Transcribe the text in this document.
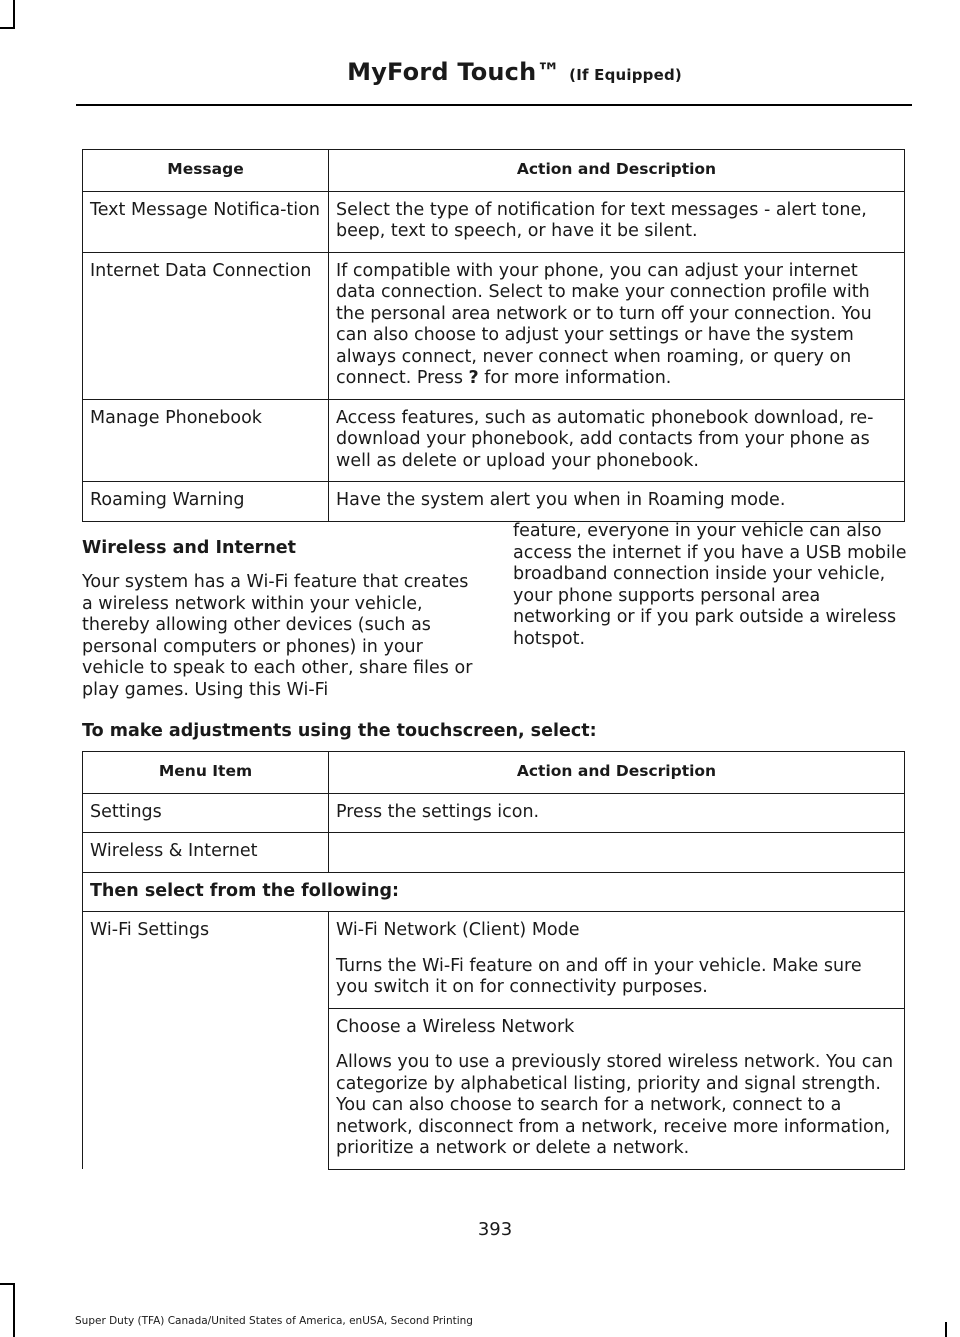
MyFord Touch™ (If Equipped)
Message	Action and Description
Text Message Notifica-tion	Select the type of notification for text messages - alert tone, beep, text to speech, or have it be silent.
Internet Data Connection	If compatible with your phone, you can adjust your internet data connection. Select to make your connection profile with the personal area network or to turn off your connection. You can also choose to adjust your settings or have the system always connect, never connect when roaming, or query on connect. Press ? for more information.
Manage Phonebook	Access features, such as automatic phonebook download, re-download your phonebook, add contacts from your phone as well as delete or upload your phonebook.
Roaming Warning	Have the system alert you when in Roaming mode.
Wireless and Internet

Your system has a Wi-Fi feature that creates a wireless network within your vehicle, thereby allowing other devices (such as personal computers or phones) in your vehicle to speak to each other, share files or play games. Using this Wi-Fi

feature, everyone in your vehicle can also access the internet if you have a USB mobile broadband connection inside your vehicle, your phone supports personal area networking or if you park outside a wireless hotspot.

To make adjustments using the touchscreen, select:
Menu Item	Action and Description
Settings	Press the settings icon.
Wireless & Internet	
Then select from the following:	
Wi-Fi Settings	Wi-Fi Network (Client) Mode

Turns the Wi-Fi feature on and off in your vehicle. Make sure you switch it on for connectivity purposes.

	Choose a Wireless Network

Allows you to use a previously stored wireless network. You can categorize by alphabetical listing, priority and signal strength. You can also choose to search for a network, connect to a network, disconnect from a network, receive more information, prioritize a network or delete a network.

393
Super Duty (TFA) Canada/United States of America, enUSA, Second Printing
